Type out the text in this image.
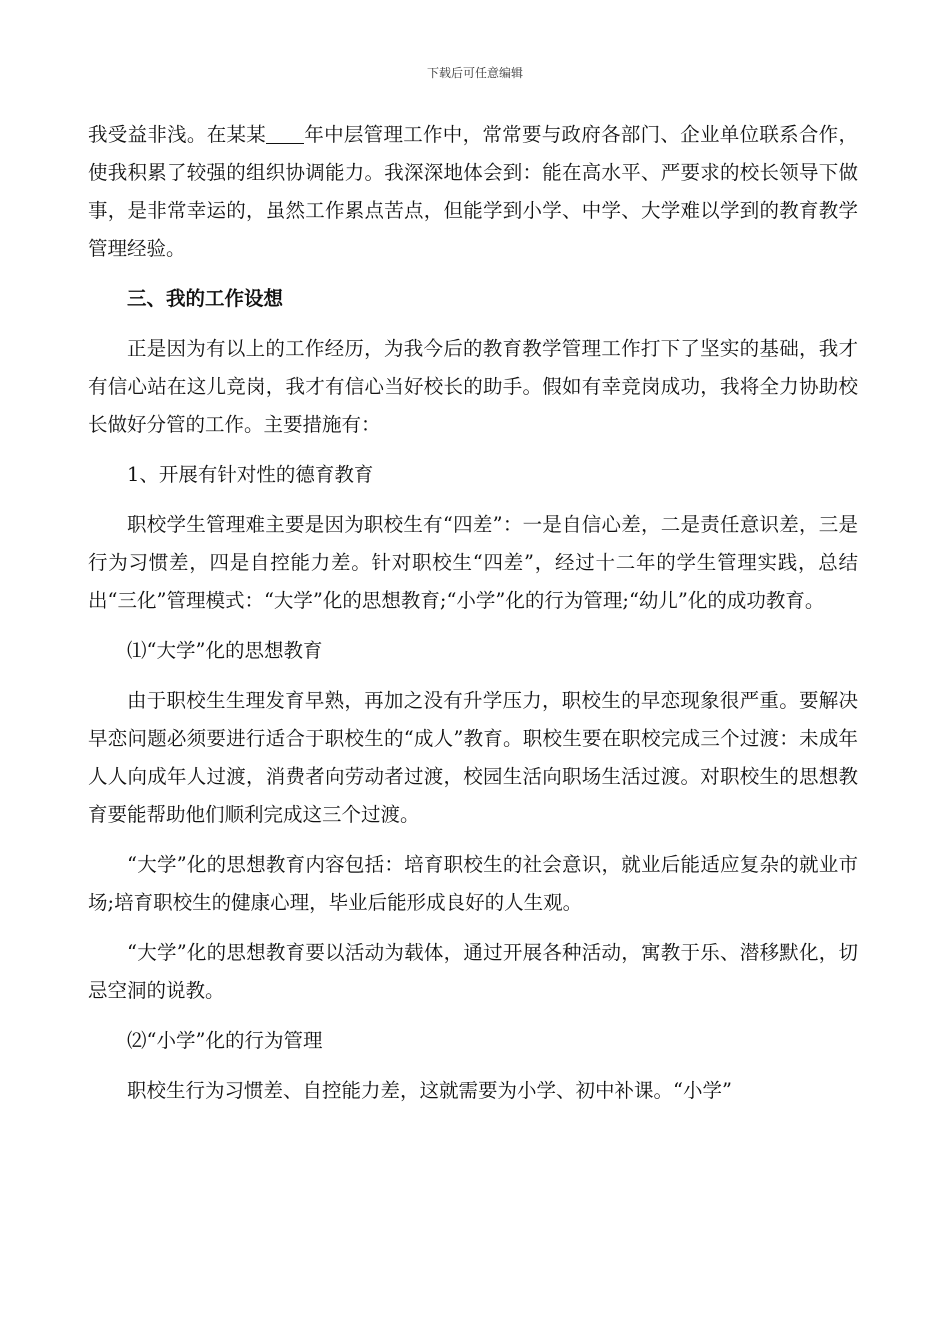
下载后可任意编辑

我受益非浅。在某某 年中层管理工作中，常常要与政府各部门、企业单位联系合作，使我积累了较强的组织协调能力。我深深地体会到：能在高水平、严要求的校长领导下做事，是非常幸运的，虽然工作累点苦点，但能学到小学、中学、大学难以学到的教育教学管理经验。

三、我的工作设想

正是因为有以上的工作经历，为我今后的教育教学管理工作打下了坚实的基础，我才有信心站在这儿竞岗，我才有信心当好校长的助手。假如有幸竞岗成功，我将全力协助校长做好分管的工作。主要措施有：

1、开展有针对性的德育教育

职校学生管理难主要是因为职校生有“四差”：一是自信心差，二是责任意识差，三是行为习惯差，四是自控能力差。针对职校生“四差”，经过十二年的学生管理实践，总结出“三化”管理模式：“大学”化的思想教育;“小学”化的行为管理;“幼儿”化的成功教育。

⑴“大学”化的思想教育

由于职校生生理发育早熟，再加之没有升学压力，职校生的早恋现象很严重。要解决早恋问题必须要进行适合于职校生的“成人”教育。职校生要在职校完成三个过渡：未成年人人向成年人过渡，消费者向劳动者过渡，校园生活向职场生活过渡。对职校生的思想教育要能帮助他们顺利完成这三个过渡。

“大学”化的思想教育内容包括：培育职校生的社会意识，就业后能适应复杂的就业市场;培育职校生的健康心理，毕业后能形成良好的人生观。

“大学”化的思想教育要以活动为载体，通过开展各种活动，寓教于乐、潜移默化，切忌空洞的说教。

⑵“小学”化的行为管理

职校生行为习惯差、自控能力差，这就需要为小学、初中补课。“小学”
